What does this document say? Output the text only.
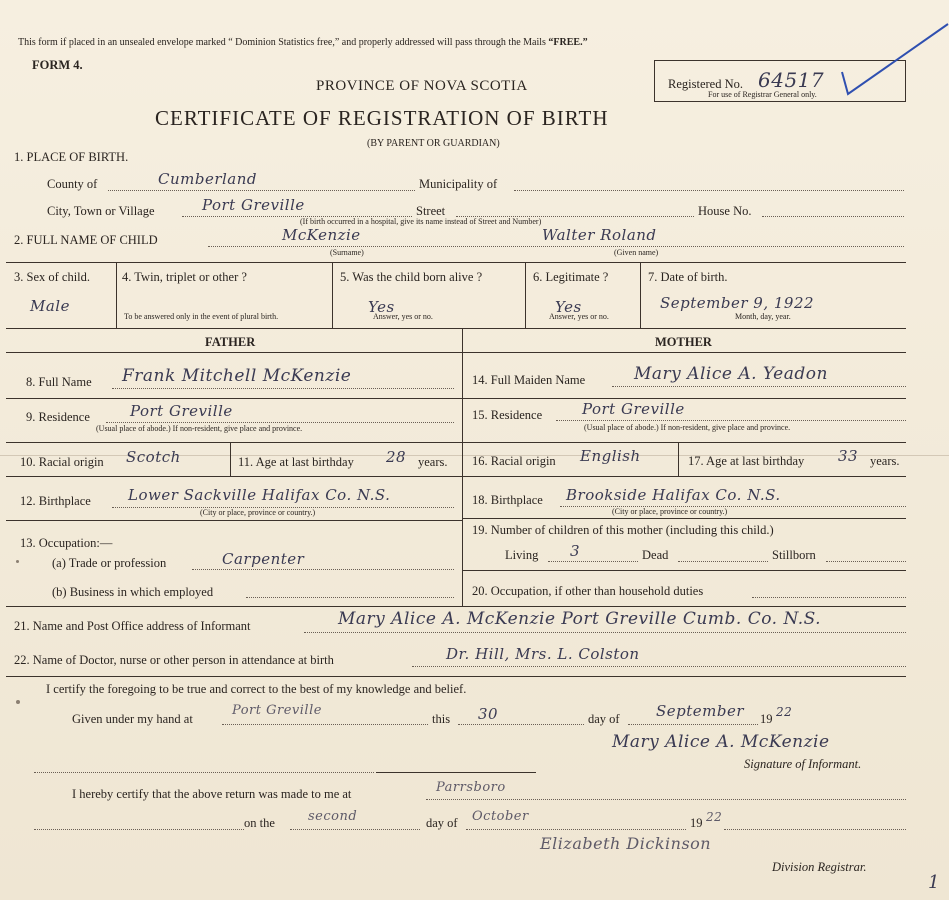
This form if placed in an unsealed envelope marked “ Dominion Statistics free,” and properly addressed will pass through the Mails “FREE.”
FORM 4.
PROVINCE OF NOVA SCOTIA	Registered No. 64517
For use of Registrar General only.
CERTIFICATE OF REGISTRATION OF BIRTH
(BY PARENT OR GUARDIAN)
1. PLACE OF BIRTH.
County of	Cumberland	Municipality of
City, Town or Village	Port Greville	Street	House No.
(If birth occurred in a hospital, give its name instead of Street and Number)
2. FULL NAME OF CHILD	McKenzie
(Surname)
Walter Roland
(Given name)
3. Sex of child.
Male
4. Twin, triplet or other ?
To be answered only in the event of plural birth.
5. Was the child born alive ?
Yes
Answer, yes or no.
6. Legitimate ?
Yes
Answer, yes or no.
7. Date of birth.
September 9, 1922
Month, day, year.
FATHER	MOTHER
8. Full Name Frank Mitchell McKenzie
9. Residence	Port Greville
(Usual place of abode.) If non-resident, give place and province.
10. Racial origin Scotch	11. Age at last birthday 28 years.
12. Birthplace Lower Sackville Halifax Co. N.S.
(City or place, province or country.)
13. Occupation:—
(a) Trade or profession	Carpenter
(b) Business in which employed
14. Full Maiden Name	Mary Alice A. Yeadon
15. Residence	Port Greville
(Usual place of abode.) If non-resident, give place and province.
16. Racial origin English	17. Age at last birthday 33 years.
18. Birthplace Brookside Halifax Co. N.S.
(City or place, province or country.)
19. Number of children of this mother (including this child.)
Living 3	Dead	Stillborn
20. Occupation, if other than household duties
21. Name and Post Office address of Informant	Mary Alice A. McKenzie Port Greville Cumb. Co. N.S.
22. Name of Doctor, nurse or other person in attendance at birth	Dr. Hill, Mrs. L. Colston
I certify the foregoing to be true and correct to the best of my knowledge and belief.
Given under my hand at
Port Greville
this 30	day of September 19 22
Mary Alice A. McKenzie
Signature of Informant.
I hereby certify that the above return was made to me at	Parrsboro
on the	second	day of October	19 22
Elizabeth Dickinson
Division Registrar.
1
